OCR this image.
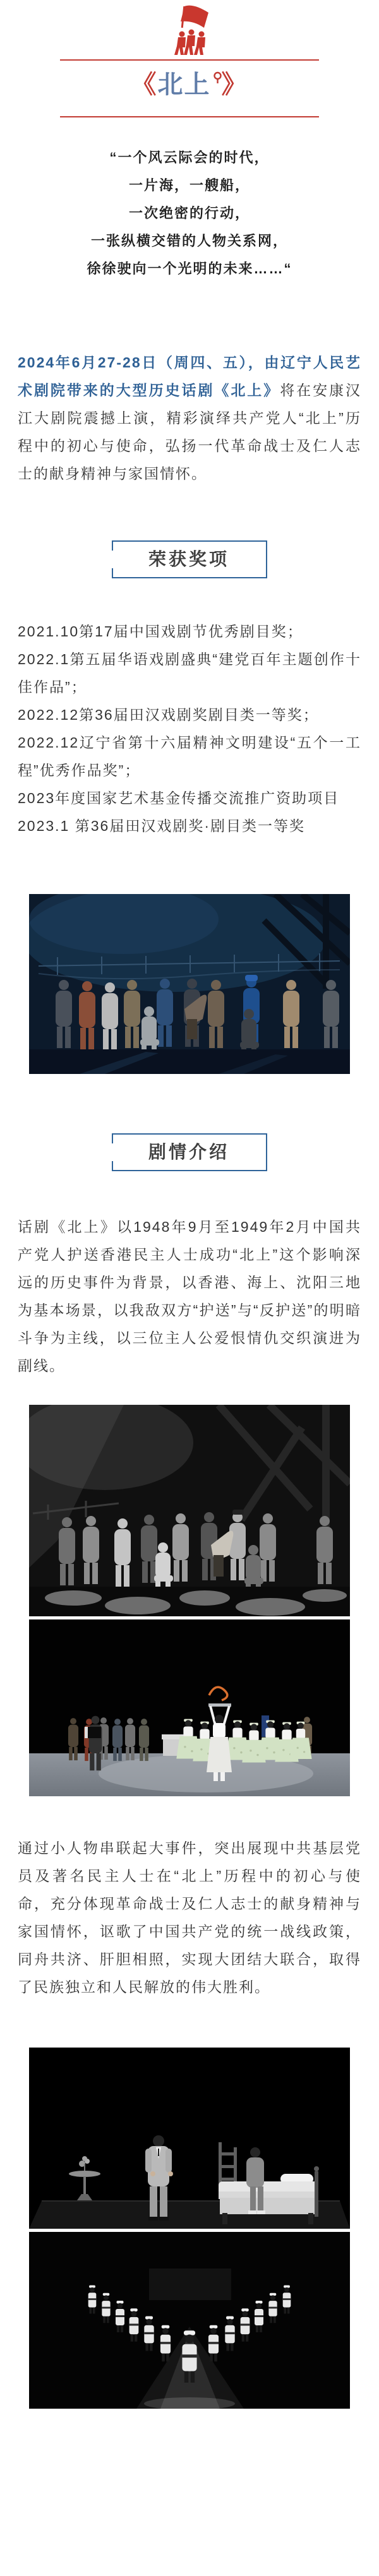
《北上 》
“一个风云际会的时代，
一片海，一艘船，
一次绝密的行动，
一张纵横交错的人物关系网，
徐徐驶向一个光明的未来……“
2024年6月27-28日（周四、五），由辽宁人民艺术剧院带来的大型历史话剧《北上》将在安康汉江大剧院震撼上演，精彩演绎共产党人“北上”历程中的初心与使命，弘扬一代革命战士及仁人志士的献身精神与家国情怀。
荣获奖项
2021.10第17届中国戏剧节优秀剧目奖；
2022.1第五届华语戏剧盛典“建党百年主题创作十佳作品”；
2022.12第36届田汉戏剧奖剧目类一等奖；
2022.12辽宁省第十六届精神文明建设“五个一工程”优秀作品奖”；
2023年度国家艺术基金传播交流推广资助项目
2023.1 第36届田汉戏剧奖·剧目类一等奖
剧情介绍
话剧《北上》以1948年9月至1949年2月中国共产党人护送香港民主人士成功“北上”这个影响深远的历史事件为背景，以香港、海上、沈阳三地为基本场景，以我敌双方“护送”与“反护送”的明暗斗争为主线，以三位主人公爱恨情仇交织演进为副线。
通过小人物串联起大事件，突出展现中共基层党员及著名民主人士在“北上”历程中的初心与使命，充分体现革命战士及仁人志士的献身精神与家国情怀，讴歌了中国共产党的统一战线政策，同舟共济、肝胆相照，实现大团结大联合，取得了民族独立和人民解放的伟大胜利。
